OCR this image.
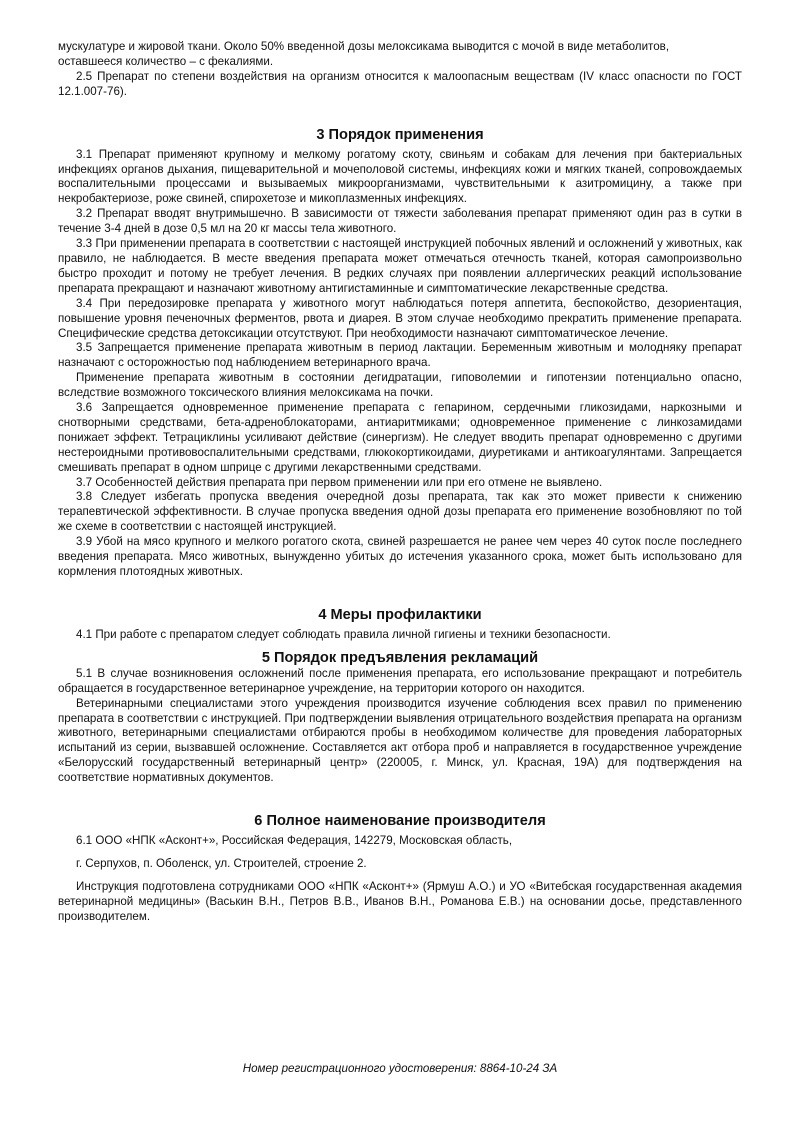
мускулатуре и жировой ткани. Около 50% введенной дозы мелоксикама выводится с мочой в виде метаболитов,
оставшееся количество – с фекалиями.

2.5 Препарат по степени воздействия на организм относится к малоопасным веществам (IV класс опасности по ГОСТ 12.1.007-76).

3 Порядок применения

3.1 Препарат применяют крупному и мелкому рогатому скоту, свиньям и собакам для лечения при бактериальных инфекциях органов дыхания, пищеварительной и мочеполовой системы, инфекциях кожи и мягких тканей, сопровождаемых воспалительными процессами и вызываемых микроорганизмами, чувствительными к азитромицину, а также при некробактериозе, роже свиней, спирохетозе и микоплазменных инфекциях.

3.2 Препарат вводят внутримышечно. В зависимости от тяжести заболевания препарат применяют один раз в сутки в течение 3-4 дней в дозе 0,5 мл на 20 кг массы тела животного.

3.3 При применении препарата в соответствии с настоящей инструкцией побочных явлений и осложнений у животных, как правило, не наблюдается. В месте введения препарата может отмечаться отечность тканей, которая самопроизвольно быстро проходит и потому не требует лечения. В редких случаях при появлении аллергических реакций использование препарата прекращают и назначают животному антигистаминные и симптоматические лекарственные средства.

3.4 При передозировке препарата у животного могут наблюдаться потеря аппетита, беспокойство, дезориентация, повышение уровня печеночных ферментов, рвота и диарея. В этом случае необходимо прекратить применение препарата. Специфические средства детоксикации отсутствуют. При необходимости назначают симптоматическое лечение.

3.5 Запрещается применение препарата животным в период лактации. Беременным животным и молодняку препарат назначают с осторожностью под наблюдением ветеринарного врача.

Применение препарата животным в состоянии дегидратации, гиповолемии и гипотензии потенциально опасно, вследствие возможного токсического влияния мелоксикама на почки.

3.6 Запрещается одновременное применение препарата с гепарином, сердечными гликозидами, наркозными и снотворными средствами, бета-адреноблокаторами, антиаритмиками; одновременное применение с линкозамидами понижает эффект. Тетрациклины усиливают действие (синергизм). Не следует вводить препарат одновременно с другими нестероидными противовоспалительными средствами, глюкокортикоидами, диуретиками и антикоагулянтами. Запрещается смешивать препарат в одном шприце с другими лекарственными средствами.

3.7 Особенностей действия препарата при первом применении или при его отмене не выявлено.

3.8 Следует избегать пропуска введения очередной дозы препарата, так как это может привести к снижению терапевтической эффективности. В случае пропуска введения одной дозы препарата его применение возобновляют по той же схеме в соответствии с настоящей инструкцией.

3.9 Убой на мясо крупного и мелкого рогатого скота, свиней разрешается не ранее чем через 40 суток после последнего введения препарата. Мясо животных, вынужденно убитых до истечения указанного срока, может быть использовано для кормления плотоядных животных.

4 Меры профилактики

4.1 При работе с препаратом следует соблюдать правила личной гигиены и техники безопасности.

5 Порядок предъявления рекламаций

5.1 В случае возникновения осложнений после применения препарата, его использование прекращают и потребитель обращается в государственное ветеринарное учреждение, на территории которого он находится.

Ветеринарными специалистами этого учреждения производится изучение соблюдения всех правил по применению препарата в соответствии с инструкцией. При подтверждении выявления отрицательного воздействия препарата на организм животного, ветеринарными специалистами отбираются пробы в необходимом количестве для проведения лабораторных испытаний из серии, вызвавшей осложнение. Составляется акт отбора проб и направляется в государственное учреждение «Белорусский государственный ветеринарный центр» (220005, г. Минск, ул. Красная, 19А) для подтверждения на соответствие нормативных документов.

6 Полное наименование производителя

6.1 ООО «НПК «Асконт+», Российская Федерация, 142279, Московская область,

г. Серпухов, п. Оболенск, ул. Строителей, строение 2.

Инструкция подготовлена сотрудниками ООО «НПК «Асконт+» (Ярмуш А.О.) и УО «Витебская государственная академия ветеринарной медицины» (Васькин В.Н., Петров В.В., Иванов В.Н., Романова Е.В.) на основании досье, представленного производителем.

Номер регистрационного удостоверения: 8864-10-24 ЗА
